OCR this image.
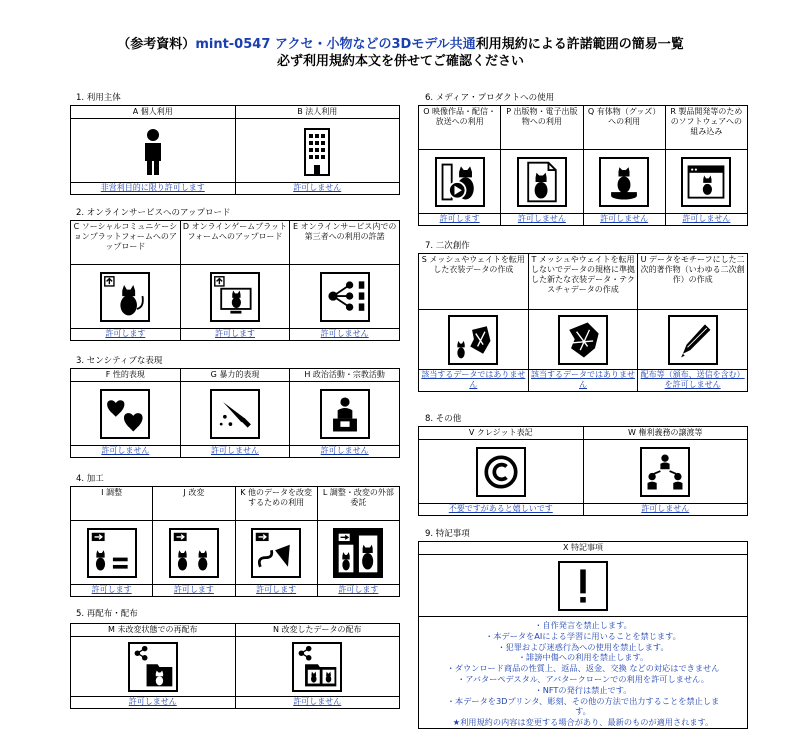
（参考資料）mint-0547 アクセ・小物などの3Dモデル共通利用規約による許諾範囲の簡易一覧
必ず利用規約本文を併せてご確認ください
1. 利用主体
A 個人利用	B 法人利用

非営利目的に限り許可します	許可しません
2. オンラインサービスへのアップロード
C ソーシャルコミュニケーションプラットフォームへのアップロード	D オンラインゲームプラットフォームへのアップロード	E オンラインサービス内での第三者への利用の許諾

許可します	許可します	許可しません
3. センシティブな表現
F 性的表現	G 暴力的表現	H 政治活動・宗教活動

許可しません	許可しません	許可しません
4. 加工
I 調整	J 改変	K 他のデータを改変するための利用	L 調整・改変の外部委託

許可します	許可します	許可します	許可します
5. 再配布・配布
M 未改変状態での再配布	N 改変したデータの配布

許可しません	許可しません
6. メディア・プロダクトへの使用
O 映像作品・配信・放送への利用	P 出版物・電子出版物への利用	Q 有体物（グッズ）への利用	R 製品開発等のためのソフトウェアへの組み込み

許可します	許可しません	許可しません	許可しません
7. 二次創作
S メッシュやウェイトを転用した衣装データの作成	T メッシュやウェイトを転用しないでデータの規格に準拠した新たな衣装データ・テクスチャデータの作成	U データをモチーフにした二次的著作物（いわゆる二次創作）の作成

該当するデータではありません	該当するデータではありません	配布等（頒布、送信を含む）を許可しません
8. その他
V クレジット表記	W 権利義務の譲渡等

不要ですがあると嬉しいです	許可しません
9. 特記事項
X 特記事項

・自作発言を禁止します。
・本データをAIによる学習に用いることを禁じます。
・犯罪および迷惑行為への使用を禁止します。
・誹謗中傷への利用を禁止します。
・ダウンロード商品の性質上、返品、返金、交換 などの対応はできません
・アバターペデスタル、アバタークローンでの利用を許可しません。
・NFTの発行は禁止です。
・本データを3Dプリンタ、彫刻、その他の方法で出力することを禁止しま
す。
★利用規約の内容は変更する場合があり、最新のものが適用されます。
